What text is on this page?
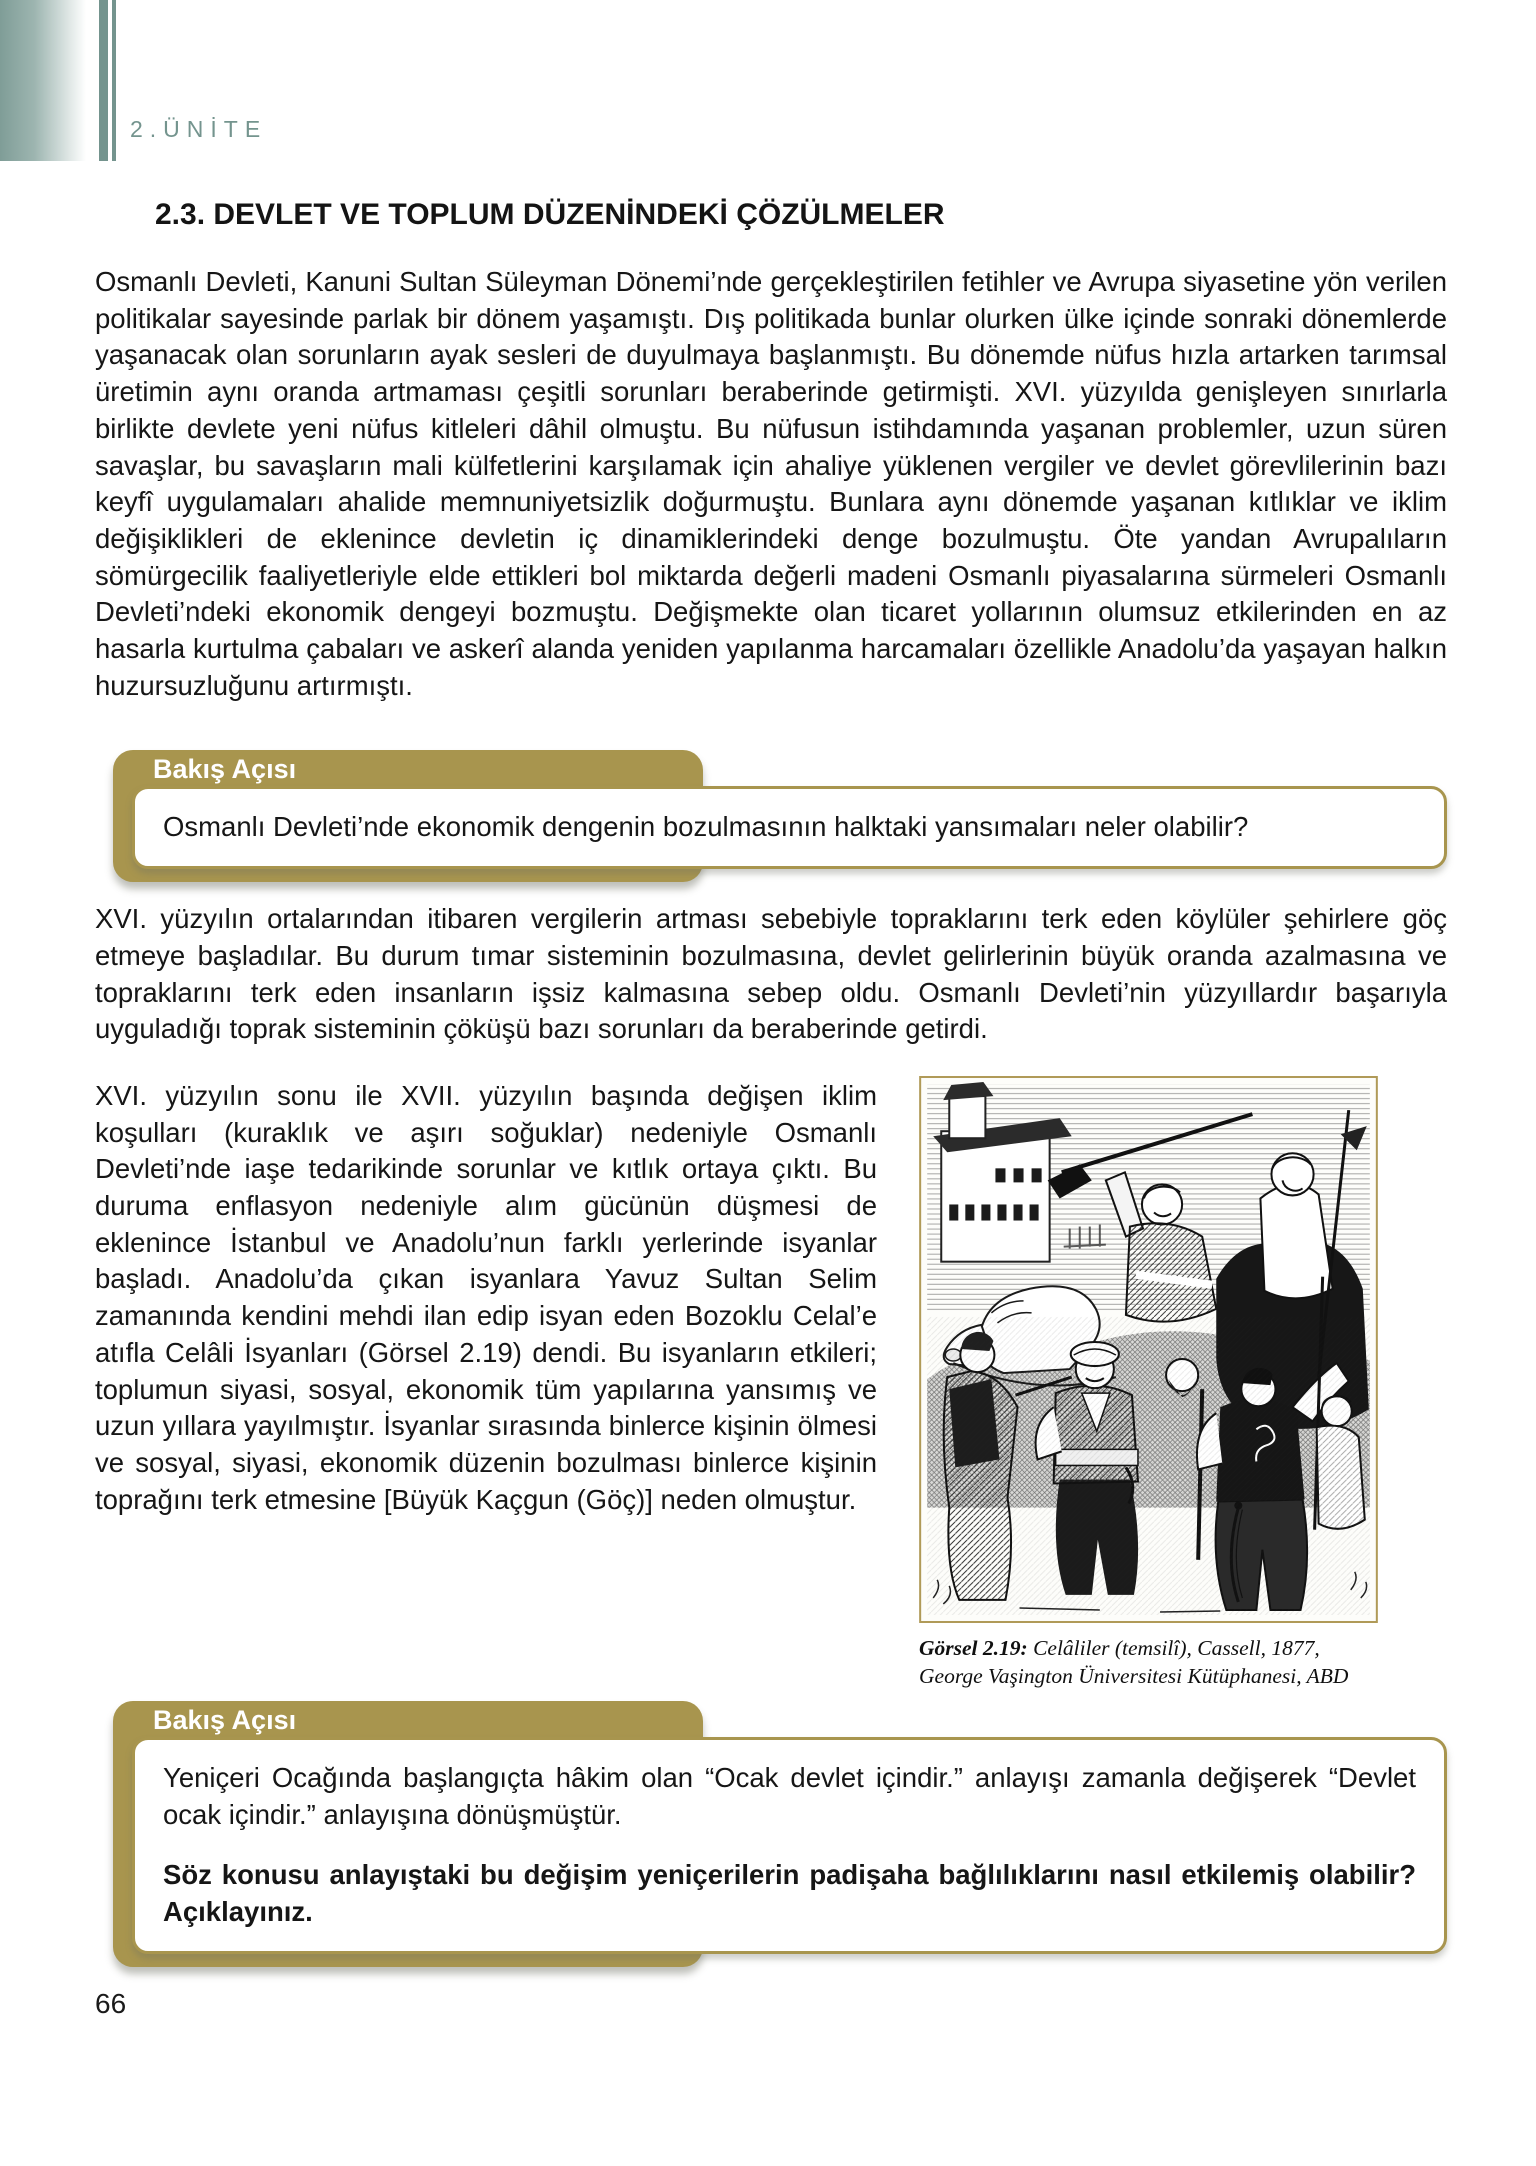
2.ÜNİTE
2.3. DEVLET VE TOPLUM DÜZENİNDEKİ ÇÖZÜLMELER

Osmanlı Devleti, Kanuni Sultan Süleyman Dönemi’nde gerçekleştirilen fetihler ve Avrupa siyasetine yön verilen politikalar sayesinde parlak bir dönem yaşamıştı. Dış politikada bunlar olurken ülke içinde sonraki dönemlerde yaşanacak olan sorunların ayak sesleri de duyulmaya başlanmıştı. Bu dönemde nüfus hızla artarken tarımsal üretimin aynı oranda artmaması çeşitli sorunları beraberinde getirmişti. XVI. yüzyılda genişleyen sınırlarla birlikte devlete yeni nüfus kitleleri dâhil olmuştu. Bu nüfusun istihdamında yaşanan problemler, uzun süren savaşlar, bu savaşların mali külfetlerini karşılamak için ahaliye yüklenen vergiler ve devlet görevlilerinin bazı keyfî uygulamaları ahalide memnuniyetsizlik doğurmuştu. Bunlara aynı dönemde yaşanan kıtlıklar ve iklim değişiklikleri de eklenince devletin iç dinamiklerindeki denge bozulmuştu. Öte yandan Avrupalıların sömürgecilik faaliyetleriyle elde ettikleri bol miktarda değerli madeni Osmanlı piyasalarına sürmeleri Osmanlı Devleti’ndeki ekonomik dengeyi bozmuştu. Değişmekte olan ticaret yollarının olumsuz etkilerinden en az hasarla kurtulma çabaları ve askerî alanda yeniden yapılanma harcamaları özellikle Anadolu’da yaşayan halkın huzursuzluğunu artırmıştı.

Bakış Açısı

Osmanlı Devleti’nde ekonomik dengenin bozulmasının halktaki yansımaları neler olabilir?

XVI. yüzyılın ortalarından itibaren vergilerin artması sebebiyle topraklarını terk eden köylüler şehirlere göç etmeye başladılar. Bu durum tımar sisteminin bozulmasına, devlet gelirlerinin büyük oranda azalmasına ve topraklarını terk eden insanların işsiz kalmasına sebep oldu. Osmanlı Devleti’nin yüzyıllardır başarıyla uyguladığı toprak sisteminin çöküşü bazı sorunları da beraberinde getirdi.

XVI. yüzyılın sonu ile XVII. yüzyılın başında değişen iklim koşulları (kuraklık ve aşırı soğuklar) nedeniyle Osmanlı Devleti’nde iaşe tedarikinde sorunlar ve kıtlık ortaya çıktı. Bu duruma enflasyon nedeniyle alım gücünün düşmesi de eklenince İstanbul ve Anadolu’nun farklı yerlerinde isyanlar başladı. Anadolu’da çıkan isyanlara Yavuz Sultan Selim zamanında kendini mehdi ilan edip isyan eden Bozoklu Celal’e atıfla Celâli İsyanları (Görsel 2.19) dendi. Bu isyanların etkileri; toplumun siyasi, sosyal, ekonomik tüm yapılarına yansımış ve uzun yıllara yayılmıştır. İsyanlar sırasında binlerce kişinin ölmesi ve sosyal, siyasi, ekonomik düzenin bozulması binlerce kişinin toprağını terk etmesine [Büyük Kaçgun (Göç)] neden olmuştur.

Görsel 2.19: Celâliler (temsilî), Cassell, 1877, George Vaşington Üniversitesi Kütüphanesi, ABD
Bakış Açısı

Yeniçeri Ocağında başlangıçta hâkim olan “Ocak devlet içindir.” anlayışı zamanla değişerek “Devlet ocak içindir.” anlayışına dönüşmüştür.

Söz konusu anlayıştaki bu değişim yeniçerilerin padişaha bağlılıklarını nasıl etkilemiş olabilir? Açıklayınız.

66
